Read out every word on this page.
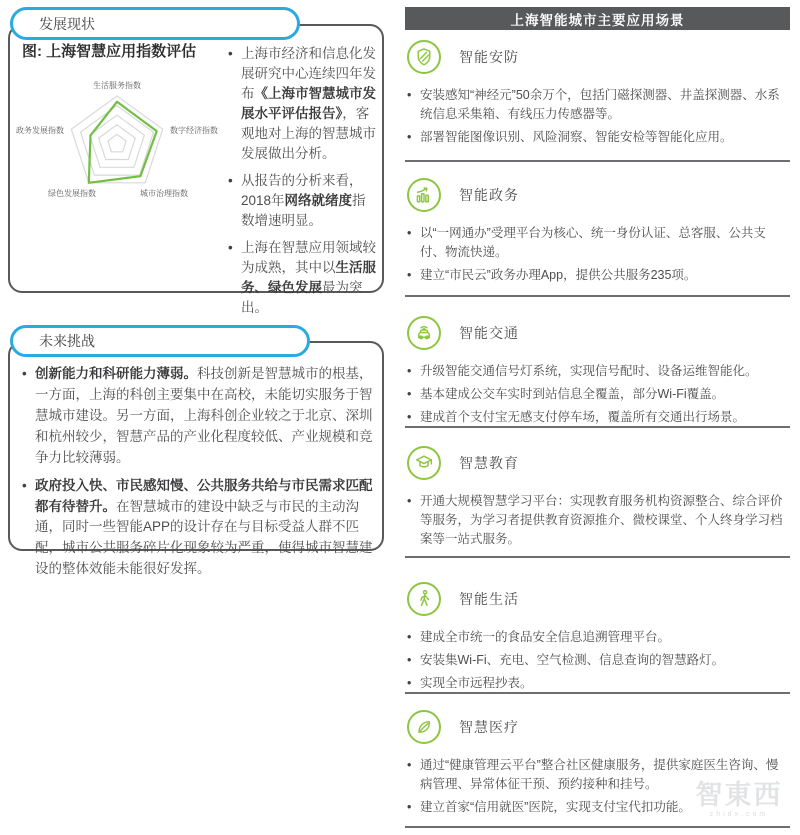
发展现状
图: 上海智慧应用指数评估
生活服务指数
数字经济指数
城市治理指数
绿色发展指数
政务发展指数
• 上海市经济和信息化发展研究中心连续四年发布《上海市智慧城市发展水平评估报告》，客观地对上海的智慧城市发展做出分析。
• 从报告的分析来看，2018年网络就绪度指数增速明显。
• 上海在智慧应用领域较为成熟，其中以生活服务、绿色发展最为突出。
未来挑战
• 创新能力和科研能力薄弱。科技创新是智慧城市的根基，一方面，上海的科创主要集中在高校，未能切实服务于智慧城市建设。另一方面，上海科创企业较之于北京、深圳和杭州较少，智慧产品的产业化程度较低、产业规模和竞争力比较薄弱。
• 政府投入快、市民感知慢、公共服务共给与市民需求匹配都有待替升。在智慧城市的建设中缺乏与市民的主动沟通，同时一些智能APP的设计存在与目标受益人群不匹配，城市公共服务碎片化现象较为严重，使得城市智慧建设的整体效能未能很好发挥。
上海智能城市主要应用场景
智能安防
• 安装感知“神经元”50余万个，包括门磁探测器、井盖探测器、水系统信息采集箱、有线压力传感器等。
• 部署智能图像识别、风险洞察、智能安检等智能化应用。
智能政务
• 以“一网通办”受理平台为核心、统一身份认证、总客服、公共支付、物流快递。
• 建立“市民云”政务办理App，提供公共服务235项。
智能交通
• 升级智能交通信号灯系统，实现信号配时、设备运维智能化。
• 基本建成公交车实时到站信息全覆盖，部分Wi-Fi覆盖。
• 建成首个支付宝无感支付停车场，覆盖所有交通出行场景。
智慧教育
• 开通大规模智慧学习平台：实现教育服务机构资源整合、综合评价等服务，为学习者提供教育资源推介、微校课堂、个人终身学习档案等一站式服务。
智能生活
• 建成全市统一的食品安全信息追溯管理平台。
• 安装集Wi-Fi、充电、空气检测、信息查询的智慧路灯。
• 实现全市远程抄表。
智慧医疗
• 通过“健康管理云平台”整合社区健康服务，提供家庭医生咨询、慢病管理、异常体征干预、预约接种和挂号。
• 建立首家“信用就医”医院，实现支付宝代扣功能。 智東西
zhidx.com
